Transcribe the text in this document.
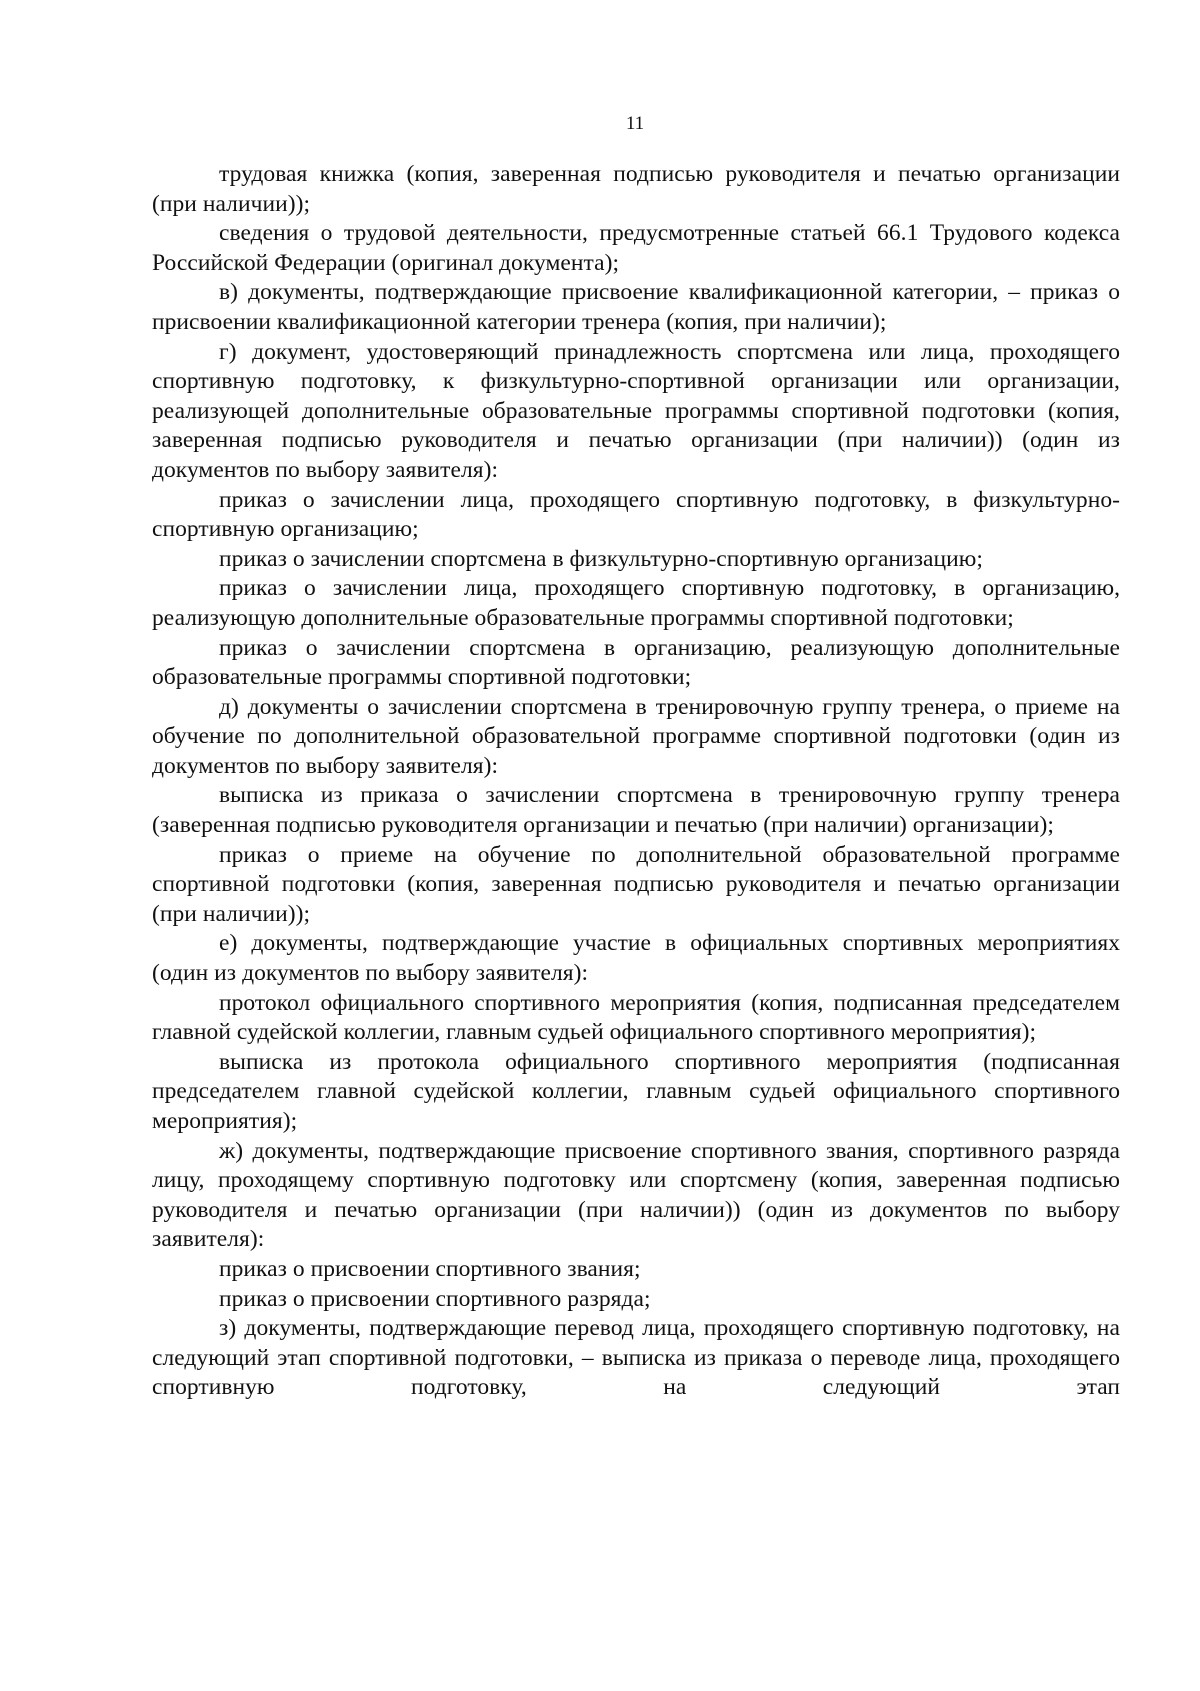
11

трудовая книжка (копия, заверенная подписью руководителя и печатью организации (при наличии));

сведения о трудовой деятельности, предусмотренные статьей 66.1 Трудового кодекса Российской Федерации (оригинал документа);

в) документы, подтверждающие присвоение квалификационной категории, – приказ о присвоении квалификационной категории тренера (копия, при наличии);

г) документ, удостоверяющий принадлежность спортсмена или лица, проходящего спортивную подготовку, к физкультурно-спортивной организации или организации, реализующей дополнительные образовательные программы спортивной подготовки (копия, заверенная подписью руководителя и печатью организации (при наличии)) (один из документов по выбору заявителя):

приказ о зачислении лица, проходящего спортивную подготовку, в физкультурно-спортивную организацию;

приказ о зачислении спортсмена в физкультурно-спортивную организацию;

приказ о зачислении лица, проходящего спортивную подготовку, в организацию, реализующую дополнительные образовательные программы спортивной подготовки;

приказ о зачислении спортсмена в организацию, реализующую дополнительные образовательные программы спортивной подготовки;

д) документы о зачислении спортсмена в тренировочную группу тренера, о приеме на обучение по дополнительной образовательной программе спортивной подготовки (один из документов по выбору заявителя):

выписка из приказа о зачислении спортсмена в тренировочную группу тренера (заверенная подписью руководителя организации и печатью (при наличии) организации);

приказ о приеме на обучение по дополнительной образовательной программе спортивной подготовки (копия, заверенная подписью руководителя и печатью организации (при наличии));

е) документы, подтверждающие участие в официальных спортивных мероприятиях (один из документов по выбору заявителя):

протокол официального спортивного мероприятия (копия, подписанная председателем главной судейской коллегии, главным судьей официального спортивного мероприятия);

выписка из протокола официального спортивного мероприятия (подписанная председателем главной судейской коллегии, главным судьей официального спортивного мероприятия);

ж) документы, подтверждающие присвоение спортивного звания, спортивного разряда лицу, проходящему спортивную подготовку или спортсмену (копия, заверенная подписью руководителя и печатью организации (при наличии)) (один из документов по выбору заявителя):

приказ о присвоении спортивного звания;

приказ о присвоении спортивного разряда;

з) документы, подтверждающие перевод лица, проходящего спортивную подготовку, на следующий этап спортивной подготовки, – выписка из приказа о переводе лица, проходящего спортивную подготовку, на следующий этап
